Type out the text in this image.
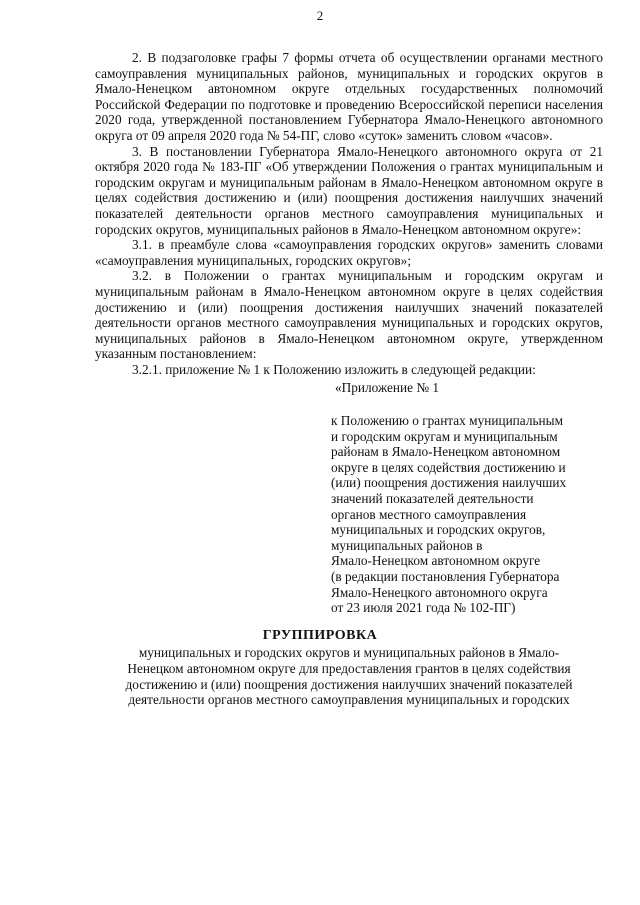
2

2. В подзаголовке графы 7 формы отчета об осуществлении органами местного самоуправления муниципальных районов, муниципальных и городских округов в Ямало-Ненецком автономном округе отдельных государственных полномочий Российской Федерации по подготовке и проведению Всероссийской переписи населения 2020 года, утвержденной постановлением Губернатора Ямало-Ненецкого автономного округа от 09 апреля 2020 года № 54-ПГ, слово «суток» заменить словом «часов».

3. В постановлении Губернатора Ямало-Ненецкого автономного округа от 21 октября 2020 года № 183-ПГ «Об утверждении Положения о грантах муниципальным и городским округам и муниципальным районам в Ямало-Ненецком автономном округе в целях содействия достижению и (или) поощрения достижения наилучших значений показателей деятельности органов местного самоуправления муниципальных и городских округов, муниципальных районов в Ямало-Ненецком автономном округе»:

3.1. в преамбуле слова «самоуправления городских округов» заменить словами «самоуправления муниципальных, городских округов»;

3.2. в Положении о грантах муниципальным и городским округам и муниципальным районам в Ямало-Ненецком автономном округе в целях содействия достижению и (или) поощрения достижения наилучших значений показателей деятельности органов местного самоуправления муниципальных и городских округов, муниципальных районов в Ямало-Ненецком автономном округе, утвержденном указанным постановлением:

3.2.1. приложение № 1 к Положению изложить в следующей редакции:

«Приложение № 1

к Положению о грантах муниципальным
и городским округам и муниципальным
районам в Ямало-Ненецком автономном
округе в целях содействия достижению и
(или) поощрения достижения наилучших
значений показателей деятельности
органов местного самоуправления
муниципальных и городских округов,
муниципальных районов в
Ямало-Ненецком автономном округе
(в редакции постановления Губернатора
Ямало-Ненецкого автономного округа
от 23 июля 2021 года № 102-ПГ)
ГРУППИРОВКА
муниципальных и городских округов и муниципальных районов в Ямало-
Ненецком автономном округе для предоставления грантов в целях содействия
достижению и (или) поощрения достижения наилучших значений показателей
деятельности органов местного самоуправления муниципальных и городских
